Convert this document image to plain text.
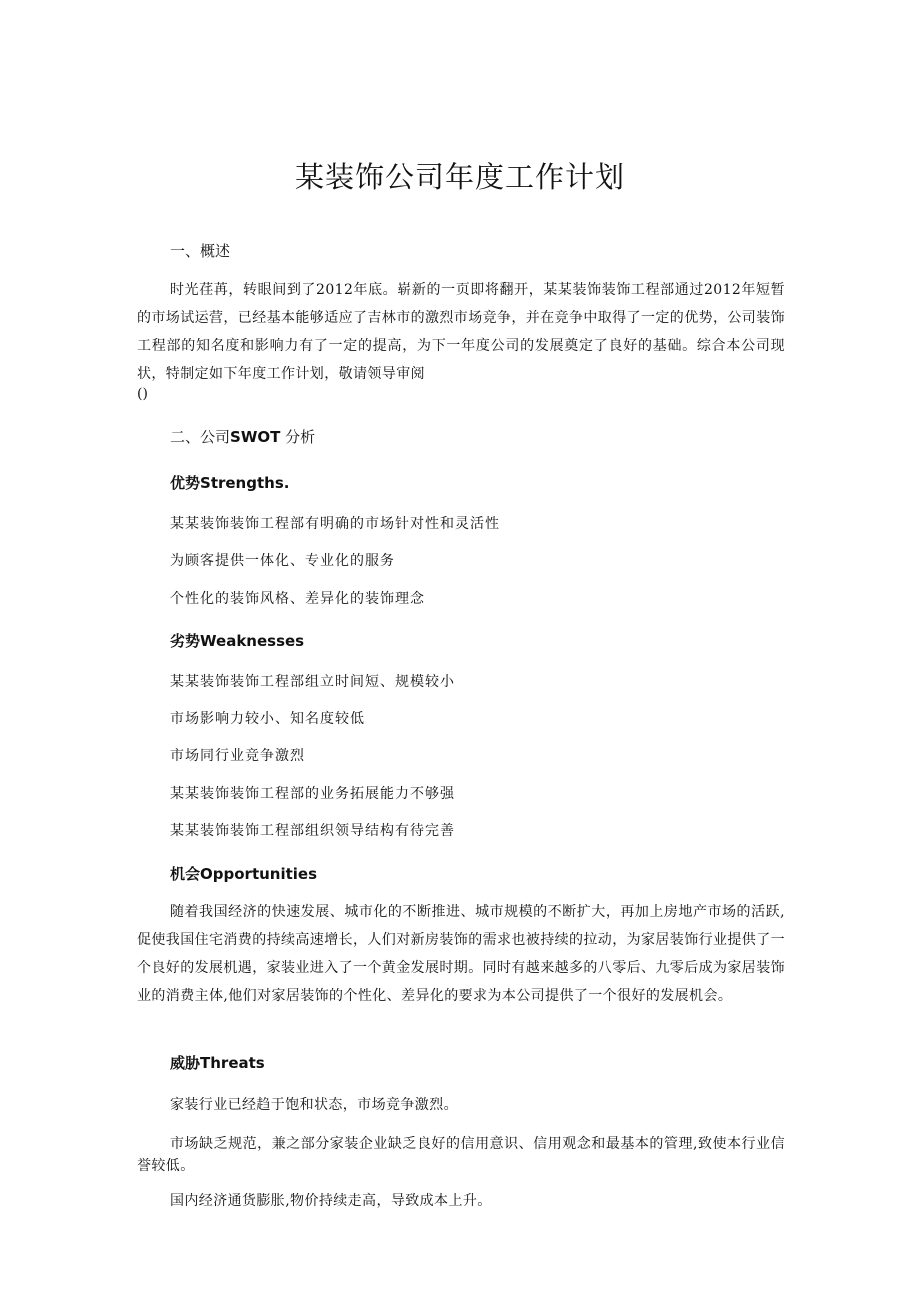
某装饰公司年度工作计划
一、概述

时光荏苒，转眼间到了2012年底。崭新的一页即将翻开，某某装饰装饰工程部通过2012年短暂的市场试运营，已经基本能够适应了吉林市的激烈市场竞争，并在竞争中取得了一定的优势，公司装饰工程部的知名度和影响力有了一定的提高，为下一年度公司的发展奠定了良好的基础。综合本公司现状，特制定如下年度工作计划，敬请领导审阅

()

二、公司SWOT 分析
优势Strengths.

某某装饰装饰工程部有明确的市场针对性和灵活性

为顾客提供一体化、专业化的服务

个性化的装饰风格、差异化的装饰理念

劣势Weaknesses

某某装饰装饰工程部组立时间短、规模较小

市场影响力较小、知名度较低

市场同行业竞争激烈

某某装饰装饰工程部的业务拓展能力不够强

某某装饰装饰工程部组织领导结构有待完善

机会Opportunities

随着我国经济的快速发展、城市化的不断推进、城市规模的不断扩大，再加上房地产市场的活跃,促使我国住宅消费的持续高速增长，人们对新房装饰的需求也被持续的拉动，为家居装饰行业提供了一个良好的发展机遇，家装业进入了一个黄金发展时期。同时有越来越多的八零后、九零后成为家居装饰业的消费主体,他们对家居装饰的个性化、差异化的要求为本公司提供了一个很好的发展机会。

威胁Threats

家装行业已经趋于饱和状态，市场竞争激烈。

市场缺乏规范，兼之部分家装企业缺乏良好的信用意识、信用观念和最基本的管理,致使本行业信誉较低。

国内经济通货膨胀,物价持续走高，导致成本上升。
